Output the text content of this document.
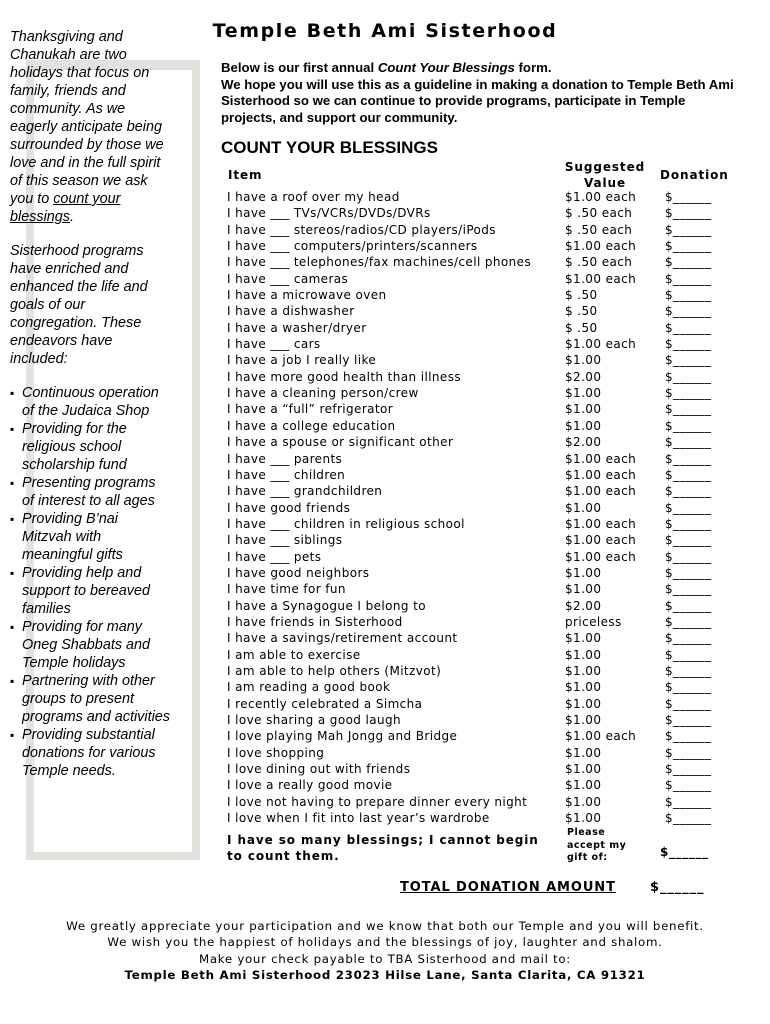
Temple Beth Ami Sisterhood

Thanksgiving and Chanukah are two holidays that focus on family, friends and community. As we eagerly anticipate being surrounded by those we love and in the full spirit of this season we ask you to count your blessings.

Sisterhood programs have enriched and enhanced the life and goals of our congregation. These endeavors have included:

▪ Continuous operation of the Judaica Shop
▪ Providing for the religious school scholarship fund
▪ Presenting programs of interest to all ages
▪ Providing B’nai Mitzvah with meaningful gifts
▪ Providing help and support to bereaved families
▪ Providing for many Oneg Shabbats and Temple holidays
▪ Partnering with other groups to present programs and activities
▪ Providing substantial donations for various Temple needs.
Below is our first annual Count Your Blessings form.
We hope you will use this as a guideline in making a donation to Temple Beth Ami Sisterhood so we can continue to provide programs, participate in Temple projects, and support our community.
COUNT YOUR BLESSINGS
Item
Suggested
Value
Donation
I have a roof over my head	$1.00 each $______
I have ___ TVs/VCRs/DVDs/DVRs	$ .50 each	$______
I have ___ stereos/radios/CD players/iPods	$ .50 each	$______
I have ___ computers/printers/scanners	$1.00 each $______
I have ___ telephones/fax machines/cell phones	$ .50 each	$______
I have ___ cameras	$1.00 each $______
I have a microwave oven	$ .50	$______
I have a dishwasher	$ .50	$______
I have a washer/dryer	$ .50	$______
I have ___ cars	$1.00 each $______
I have a job I really like	$1.00	$______
I have more good health than illness	$2.00	$______
I have a cleaning person/crew	$1.00	$______
I have a “full” refrigerator	$1.00	$______
I have a college education	$1.00	$______
I have a spouse or significant other	$2.00	$______
I have ___ parents	$1.00 each $______
I have ___ children	$1.00 each $______
I have ___ grandchildren	$1.00 each $______
I have good friends	$1.00	$______
I have ___ children in religious school	$1.00 each $______
I have ___ siblings	$1.00 each $______
I have ___ pets	$1.00 each $______
I have good neighbors	$1.00	$______
I have time for fun	$1.00	$______
I have a Synagogue I belong to	$2.00	$______
I have friends in Sisterhood	priceless	$______
I have a savings/retirement account	$1.00	$______
I am able to exercise	$1.00	$______
I am able to help others (Mitzvot)	$1.00	$______
I am reading a good book	$1.00	$______
I recently celebrated a Simcha	$1.00	$______
I love sharing a good laugh	$1.00	$______
I love playing Mah Jongg and Bridge	$1.00 each $______
I love shopping	$1.00	$______
I love dining out with friends	$1.00	$______
I love a really good movie	$1.00	$______
I love not having to prepare dinner every night	$1.00	$______
I love when I fit into last year’s wardrobe	$1.00	$______
I have so many blessings; I cannot begin to count them.
Please accept my gift of:	$______
TOTAL DONATION AMOUNT	$______
We greatly appreciate your participation and we know that both our Temple and you will benefit.
We wish you the happiest of holidays and the blessings of joy, laughter and shalom.
Make your check payable to TBA Sisterhood and mail to:
Temple Beth Ami Sisterhood 23023 Hilse Lane, Santa Clarita, CA 91321
